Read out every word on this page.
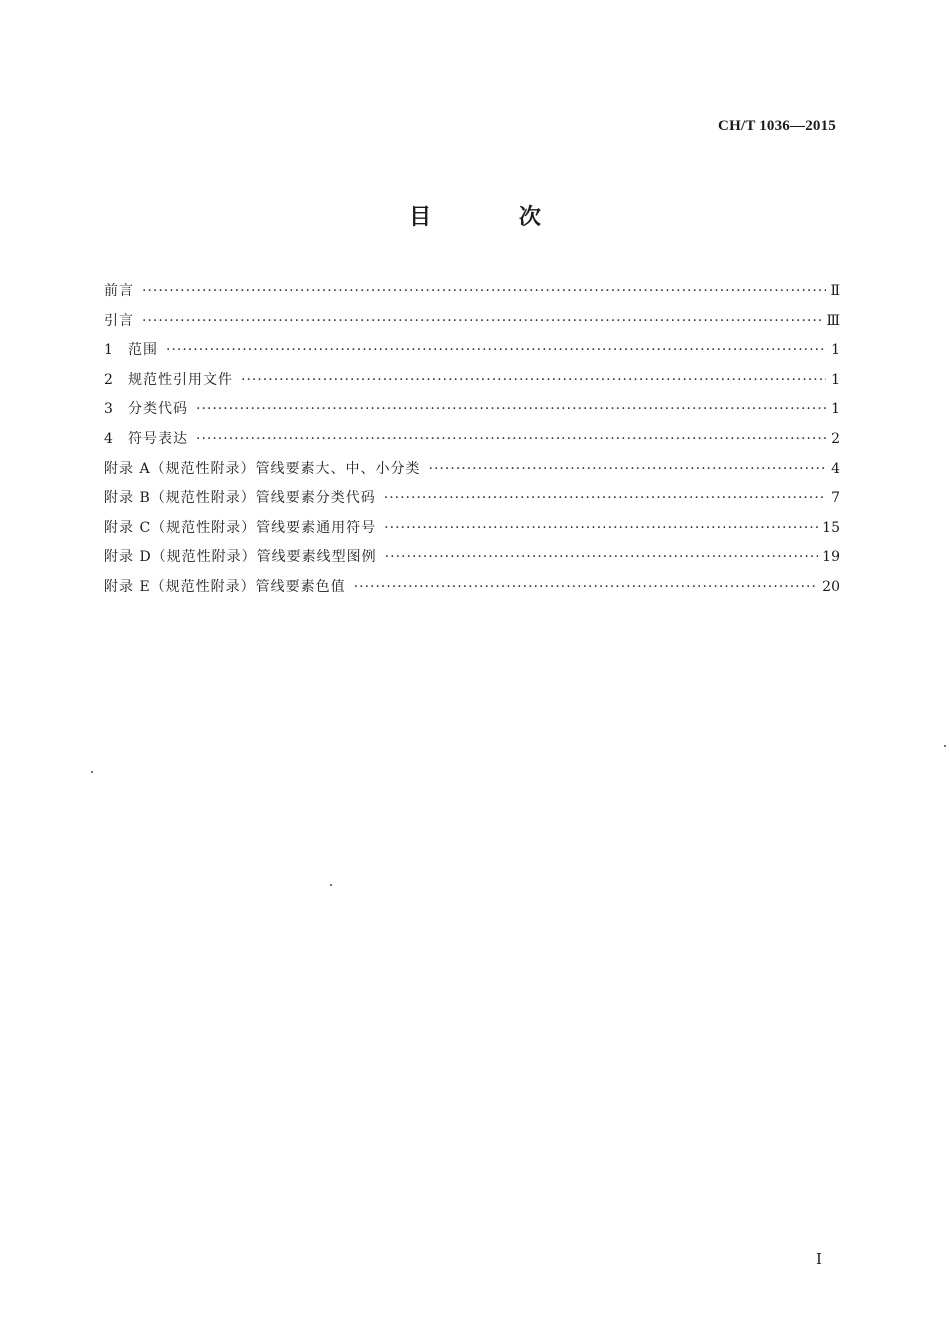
CH/T 1036—2015
目 次
前言 ·····	Ⅱ
引言 ·····	Ⅲ
1	范围 ·····	1
2	规范性引用文件 ·····	1
3	分类代码 ·····	1
4	符号表达 ·····	2
附录 A（规范性附录） 管线要素大、中、小分类 ·····	4
附录 B（规范性附录） 管线要素分类代码 ·····	7
附录 C（规范性附录） 管线要素通用符号 ·····	15
附录 D（规范性附录） 管线要素线型图例 ·····	19
附录 E（规范性附录） 管线要素色值 ·····	20
I
